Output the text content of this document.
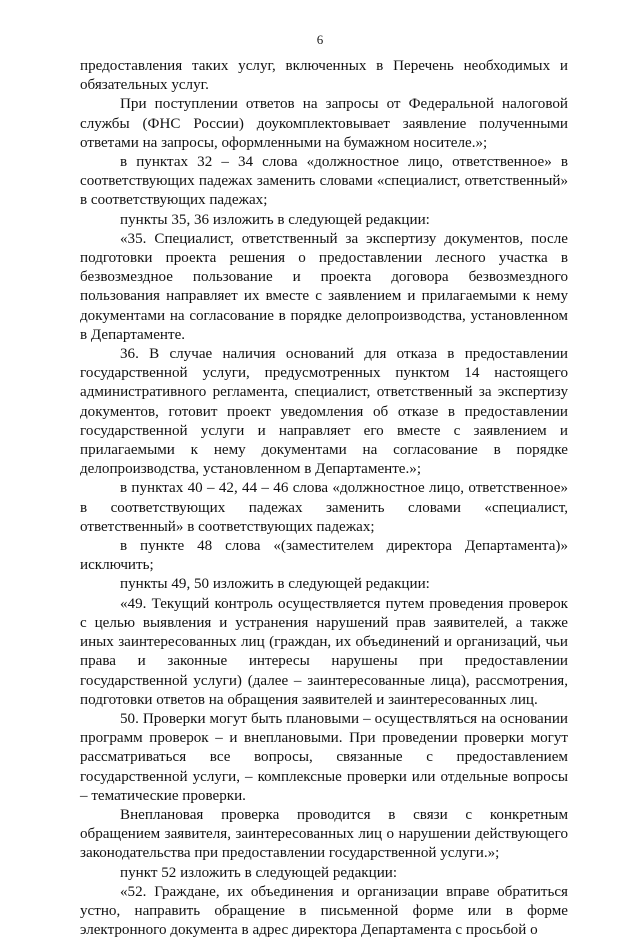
6

предоставления таких услуг, включенных в Перечень необходимых и обязательных услуг.

При поступлении ответов на запросы от Федеральной налоговой службы (ФНС России) доукомплектовывает заявление полученными ответами на запросы, оформленными на бумажном носителе.»;

в пунктах 32 – 34 слова «должностное лицо, ответственное» в соответствующих падежах заменить словами «специалист, ответственный» в соответствующих падежах;

пункты 35, 36 изложить в следующей редакции:

«35. Специалист, ответственный за экспертизу документов, после подготовки проекта решения о предоставлении лесного участка в безвозмездное пользование и проекта договора безвозмездного пользования направляет их вместе с заявлением и прилагаемыми к нему документами на согласование в порядке делопроизводства, установленном в Департаменте.

36. В случае наличия оснований для отказа в предоставлении государственной услуги, предусмотренных пунктом 14 настоящего административного регламента, специалист, ответственный за экспертизу документов, готовит проект уведомления об отказе в предоставлении государственной услуги и направляет его вместе с заявлением и прилагаемыми к нему документами на согласование в порядке делопроизводства, установленном в Департаменте.»;

в пунктах 40 – 42, 44 – 46 слова «должностное лицо, ответственное» в соответствующих падежах заменить словами «специалист, ответственный» в соответствующих падежах;

в пункте 48 слова «(заместителем директора Департамента)» исключить;

пункты 49, 50 изложить в следующей редакции:

«49. Текущий контроль осуществляется путем проведения проверок с целью выявления и устранения нарушений прав заявителей, а также иных заинтересованных лиц (граждан, их объединений и организаций, чьи права и законные интересы нарушены при предоставлении государственной услуги) (далее – заинтересованные лица), рассмотрения, подготовки ответов на обращения заявителей и заинтересованных лиц.

50. Проверки могут быть плановыми – осуществляться на основании программ проверок – и внеплановыми. При проведении проверки могут рассматриваться все вопросы, связанные с предоставлением государственной услуги, – комплексные проверки или отдельные вопросы – тематические проверки.

Внеплановая проверка проводится в связи с конкретным обращением заявителя, заинтересованных лиц о нарушении действующего законодательства при предоставлении государственной услуги.»;

пункт 52 изложить в следующей редакции:

«52. Граждане, их объединения и организации вправе обратиться устно, направить обращение в письменной форме или в форме электронного документа в адрес директора Департамента с просьбой о
